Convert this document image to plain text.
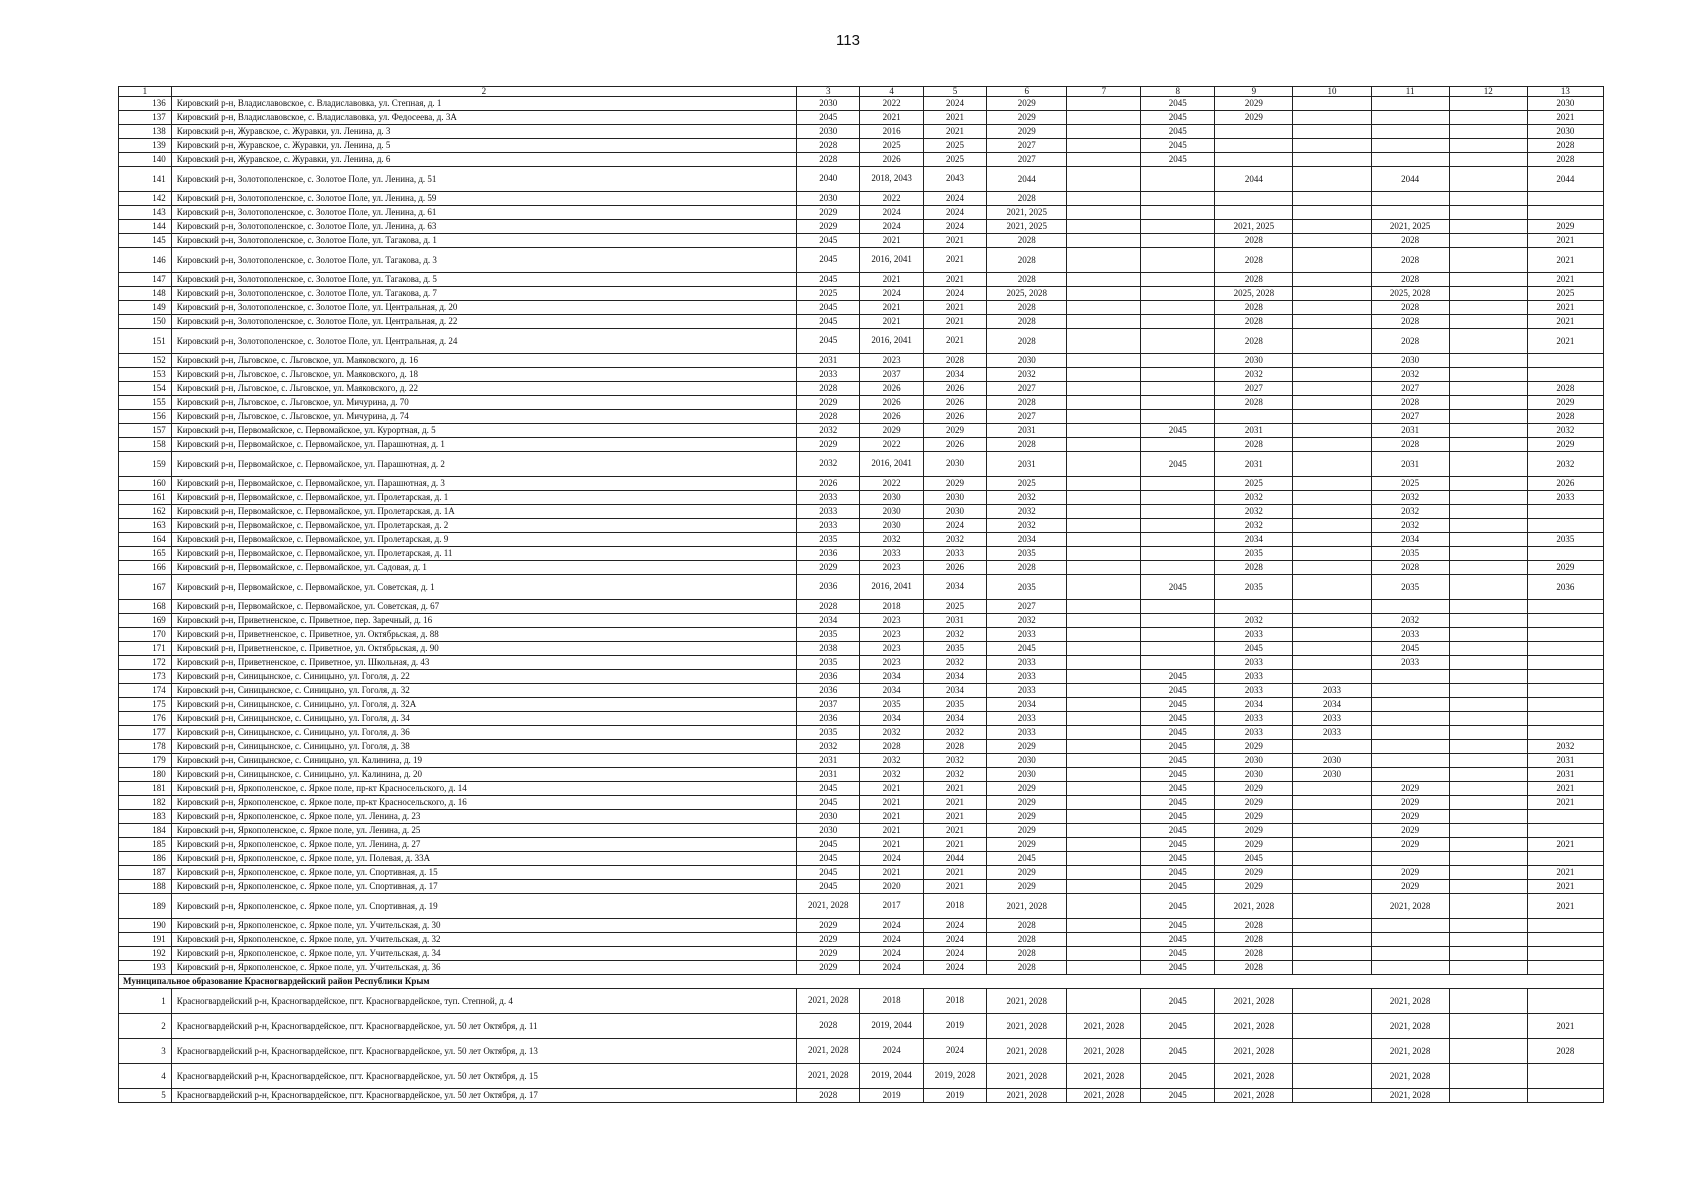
113
1	2	3	4	5	6	7	8	9	10	11	12	13
136	Кировский р-н, Владиславовское, с. Владиславовка, ул. Степная, д. 1	2030	2022	2024	2029		2045	2029				2030
137	Кировский р-н, Владиславовское, с. Владиславовка, ул. Федосеева, д. 3А	2045	2021	2021	2029		2045	2029				2021
138	Кировский р-н, Журавское, с. Журавки, ул. Ленина, д. 3	2030	2016	2021	2029		2045					2030
139	Кировский р-н, Журавское, с. Журавки, ул. Ленина, д. 5	2028	2025	2025	2027		2045					2028
140	Кировский р-н, Журавское, с. Журавки, ул. Ленина, д. 6	2028	2026	2025	2027		2045					2028
141	Кировский р-н, Золотополенское, с. Золотое Поле, ул. Ленина, д. 51	2040	2018, 2043	2043	2044			2044		2044		2044
142	Кировский р-н, Золотополенское, с. Золотое Поле, ул. Ленина, д. 59	2030	2022	2024	2028							
143	Кировский р-н, Золотополенское, с. Золотое Поле, ул. Ленина, д. 61	2029	2024	2024	2021, 2025							
144	Кировский р-н, Золотополенское, с. Золотое Поле, ул. Ленина, д. 63	2029	2024	2024	2021, 2025			2021, 2025		2021, 2025		2029
145	Кировский р-н, Золотополенское, с. Золотое Поле, ул. Тагакова, д. 1	2045	2021	2021	2028			2028		2028		2021
146	Кировский р-н, Золотополенское, с. Золотое Поле, ул. Тагакова, д. 3	2045	2016, 2041	2021	2028			2028		2028		2021
147	Кировский р-н, Золотополенское, с. Золотое Поле, ул. Тагакова, д. 5	2045	2021	2021	2028			2028		2028		2021
148	Кировский р-н, Золотополенское, с. Золотое Поле, ул. Тагакова, д. 7	2025	2024	2024	2025, 2028			2025, 2028		2025, 2028		2025
149	Кировский р-н, Золотополенское, с. Золотое Поле, ул. Центральная, д. 20	2045	2021	2021	2028			2028		2028		2021
150	Кировский р-н, Золотополенское, с. Золотое Поле, ул. Центральная, д. 22	2045	2021	2021	2028			2028		2028		2021
151	Кировский р-н, Золотополенское, с. Золотое Поле, ул. Центральная, д. 24	2045	2016, 2041	2021	2028			2028		2028		2021
152	Кировский р-н, Льговское, с. Льговское, ул. Маяковского, д. 16	2031	2023	2028	2030			2030		2030		
153	Кировский р-н, Льговское, с. Льговское, ул. Маяковского, д. 18	2033	2037	2034	2032			2032		2032		
154	Кировский р-н, Льговское, с. Льговское, ул. Маяковского, д. 22	2028	2026	2026	2027			2027		2027		2028
155	Кировский р-н, Льговское, с. Льговское, ул. Мичурина, д. 70	2029	2026	2026	2028			2028		2028		2029
156	Кировский р-н, Льговское, с. Льговское, ул. Мичурина, д. 74	2028	2026	2026	2027					2027		2028
157	Кировский р-н, Первомайское, с. Первомайское, ул. Курортная, д. 5	2032	2029	2029	2031		2045	2031		2031		2032
158	Кировский р-н, Первомайское, с. Первомайское, ул. Парашютная, д. 1	2029	2022	2026	2028			2028		2028		2029
159	Кировский р-н, Первомайское, с. Первомайское, ул. Парашютная, д. 2	2032	2016, 2041	2030	2031		2045	2031		2031		2032
160	Кировский р-н, Первомайское, с. Первомайское, ул. Парашютная, д. 3	2026	2022	2029	2025			2025		2025		2026
161	Кировский р-н, Первомайское, с. Первомайское, ул. Пролетарская, д. 1	2033	2030	2030	2032			2032		2032		2033
162	Кировский р-н, Первомайское, с. Первомайское, ул. Пролетарская, д. 1А	2033	2030	2030	2032			2032		2032		
163	Кировский р-н, Первомайское, с. Первомайское, ул. Пролетарская, д. 2	2033	2030	2024	2032			2032		2032		
164	Кировский р-н, Первомайское, с. Первомайское, ул. Пролетарская, д. 9	2035	2032	2032	2034			2034		2034		2035
165	Кировский р-н, Первомайское, с. Первомайское, ул. Пролетарская, д. 11	2036	2033	2033	2035			2035		2035		
166	Кировский р-н, Первомайское, с. Первомайское, ул. Садовая, д. 1	2029	2023	2026	2028			2028		2028		2029
167	Кировский р-н, Первомайское, с. Первомайское, ул. Советская, д. 1	2036	2016, 2041	2034	2035		2045	2035		2035		2036
168	Кировский р-н, Первомайское, с. Первомайское, ул. Советская, д. 67	2028	2018	2025	2027							
169	Кировский р-н, Приветненское, с. Приветное, пер. Заречный, д. 16	2034	2023	2031	2032			2032		2032		
170	Кировский р-н, Приветненское, с. Приветное, ул. Октябрьская, д. 88	2035	2023	2032	2033			2033		2033		
171	Кировский р-н, Приветненское, с. Приветное, ул. Октябрьская, д. 90	2038	2023	2035	2045			2045		2045		
172	Кировский р-н, Приветненское, с. Приветное, ул. Школьная, д. 43	2035	2023	2032	2033			2033		2033		
173	Кировский р-н, Синицынское, с. Синицыно, ул. Гоголя, д. 22	2036	2034	2034	2033		2045	2033				
174	Кировский р-н, Синицынское, с. Синицыно, ул. Гоголя, д. 32	2036	2034	2034	2033		2045	2033	2033			
175	Кировский р-н, Синицынское, с. Синицыно, ул. Гоголя, д. 32А	2037	2035	2035	2034		2045	2034	2034			
176	Кировский р-н, Синицынское, с. Синицыно, ул. Гоголя, д. 34	2036	2034	2034	2033		2045	2033	2033			
177	Кировский р-н, Синицынское, с. Синицыно, ул. Гоголя, д. 36	2035	2032	2032	2033		2045	2033	2033			
178	Кировский р-н, Синицынское, с. Синицыно, ул. Гоголя, д. 38	2032	2028	2028	2029		2045	2029				2032
179	Кировский р-н, Синицынское, с. Синицыно, ул. Калинина, д. 19	2031	2032	2032	2030		2045	2030	2030			2031
180	Кировский р-н, Синицынское, с. Синицыно, ул. Калинина, д. 20	2031	2032	2032	2030		2045	2030	2030			2031
181	Кировский р-н, Яркополенское, с. Яркое поле, пр-кт Красносельского, д. 14	2045	2021	2021	2029		2045	2029		2029		2021
182	Кировский р-н, Яркополенское, с. Яркое поле, пр-кт Красносельского, д. 16	2045	2021	2021	2029		2045	2029		2029		2021
183	Кировский р-н, Яркополенское, с. Яркое поле, ул. Ленина, д. 23	2030	2021	2021	2029		2045	2029		2029		
184	Кировский р-н, Яркополенское, с. Яркое поле, ул. Ленина, д. 25	2030	2021	2021	2029		2045	2029		2029		
185	Кировский р-н, Яркополенское, с. Яркое поле, ул. Ленина, д. 27	2045	2021	2021	2029		2045	2029		2029		2021
186	Кировский р-н, Яркополенское, с. Яркое поле, ул. Полевая, д. 33А	2045	2024	2044	2045		2045	2045				
187	Кировский р-н, Яркополенское, с. Яркое поле, ул. Спортивная, д. 15	2045	2021	2021	2029		2045	2029		2029		2021
188	Кировский р-н, Яркополенское, с. Яркое поле, ул. Спортивная, д. 17	2045	2020	2021	2029		2045	2029		2029		2021
189	Кировский р-н, Яркополенское, с. Яркое поле, ул. Спортивная, д. 19	2021, 2028	2017	2018	2021, 2028		2045	2021, 2028		2021, 2028		2021
190	Кировский р-н, Яркополенское, с. Яркое поле, ул. Учительская, д. 30	2029	2024	2024	2028		2045	2028				
191	Кировский р-н, Яркополенское, с. Яркое поле, ул. Учительская, д. 32	2029	2024	2024	2028		2045	2028				
192	Кировский р-н, Яркополенское, с. Яркое поле, ул. Учительская, д. 34	2029	2024	2024	2028		2045	2028				
193	Кировский р-н, Яркополенское, с. Яркое поле, ул. Учительская, д. 36	2029	2024	2024	2028		2045	2028				
Муниципальное образование Красногвардейский район Республики Крым												
1	Красногвардейский р-н, Красногвардейское, пгт. Красногвардейское, туп. Степной, д. 4	2021, 2028	2018	2018	2021, 2028		2045	2021, 2028		2021, 2028		
2	Красногвардейский р-н, Красногвардейское, пгт. Красногвардейское, ул. 50 лет Октября, д. 11	2028	2019, 2044	2019	2021, 2028	2021, 2028	2045	2021, 2028		2021, 2028		2021
3	Красногвардейский р-н, Красногвардейское, пгт. Красногвардейское, ул. 50 лет Октября, д. 13	2021, 2028	2024	2024	2021, 2028	2021, 2028	2045	2021, 2028		2021, 2028		2028
4	Красногвардейский р-н, Красногвардейское, пгт. Красногвардейское, ул. 50 лет Октября, д. 15	2021, 2028	2019, 2044	2019, 2028	2021, 2028	2021, 2028	2045	2021, 2028		2021, 2028		
5	Красногвардейский р-н, Красногвардейское, пгт. Красногвардейское, ул. 50 лет Октября, д. 17	2028	2019	2019	2021, 2028	2021, 2028	2045	2021, 2028		2021, 2028		
